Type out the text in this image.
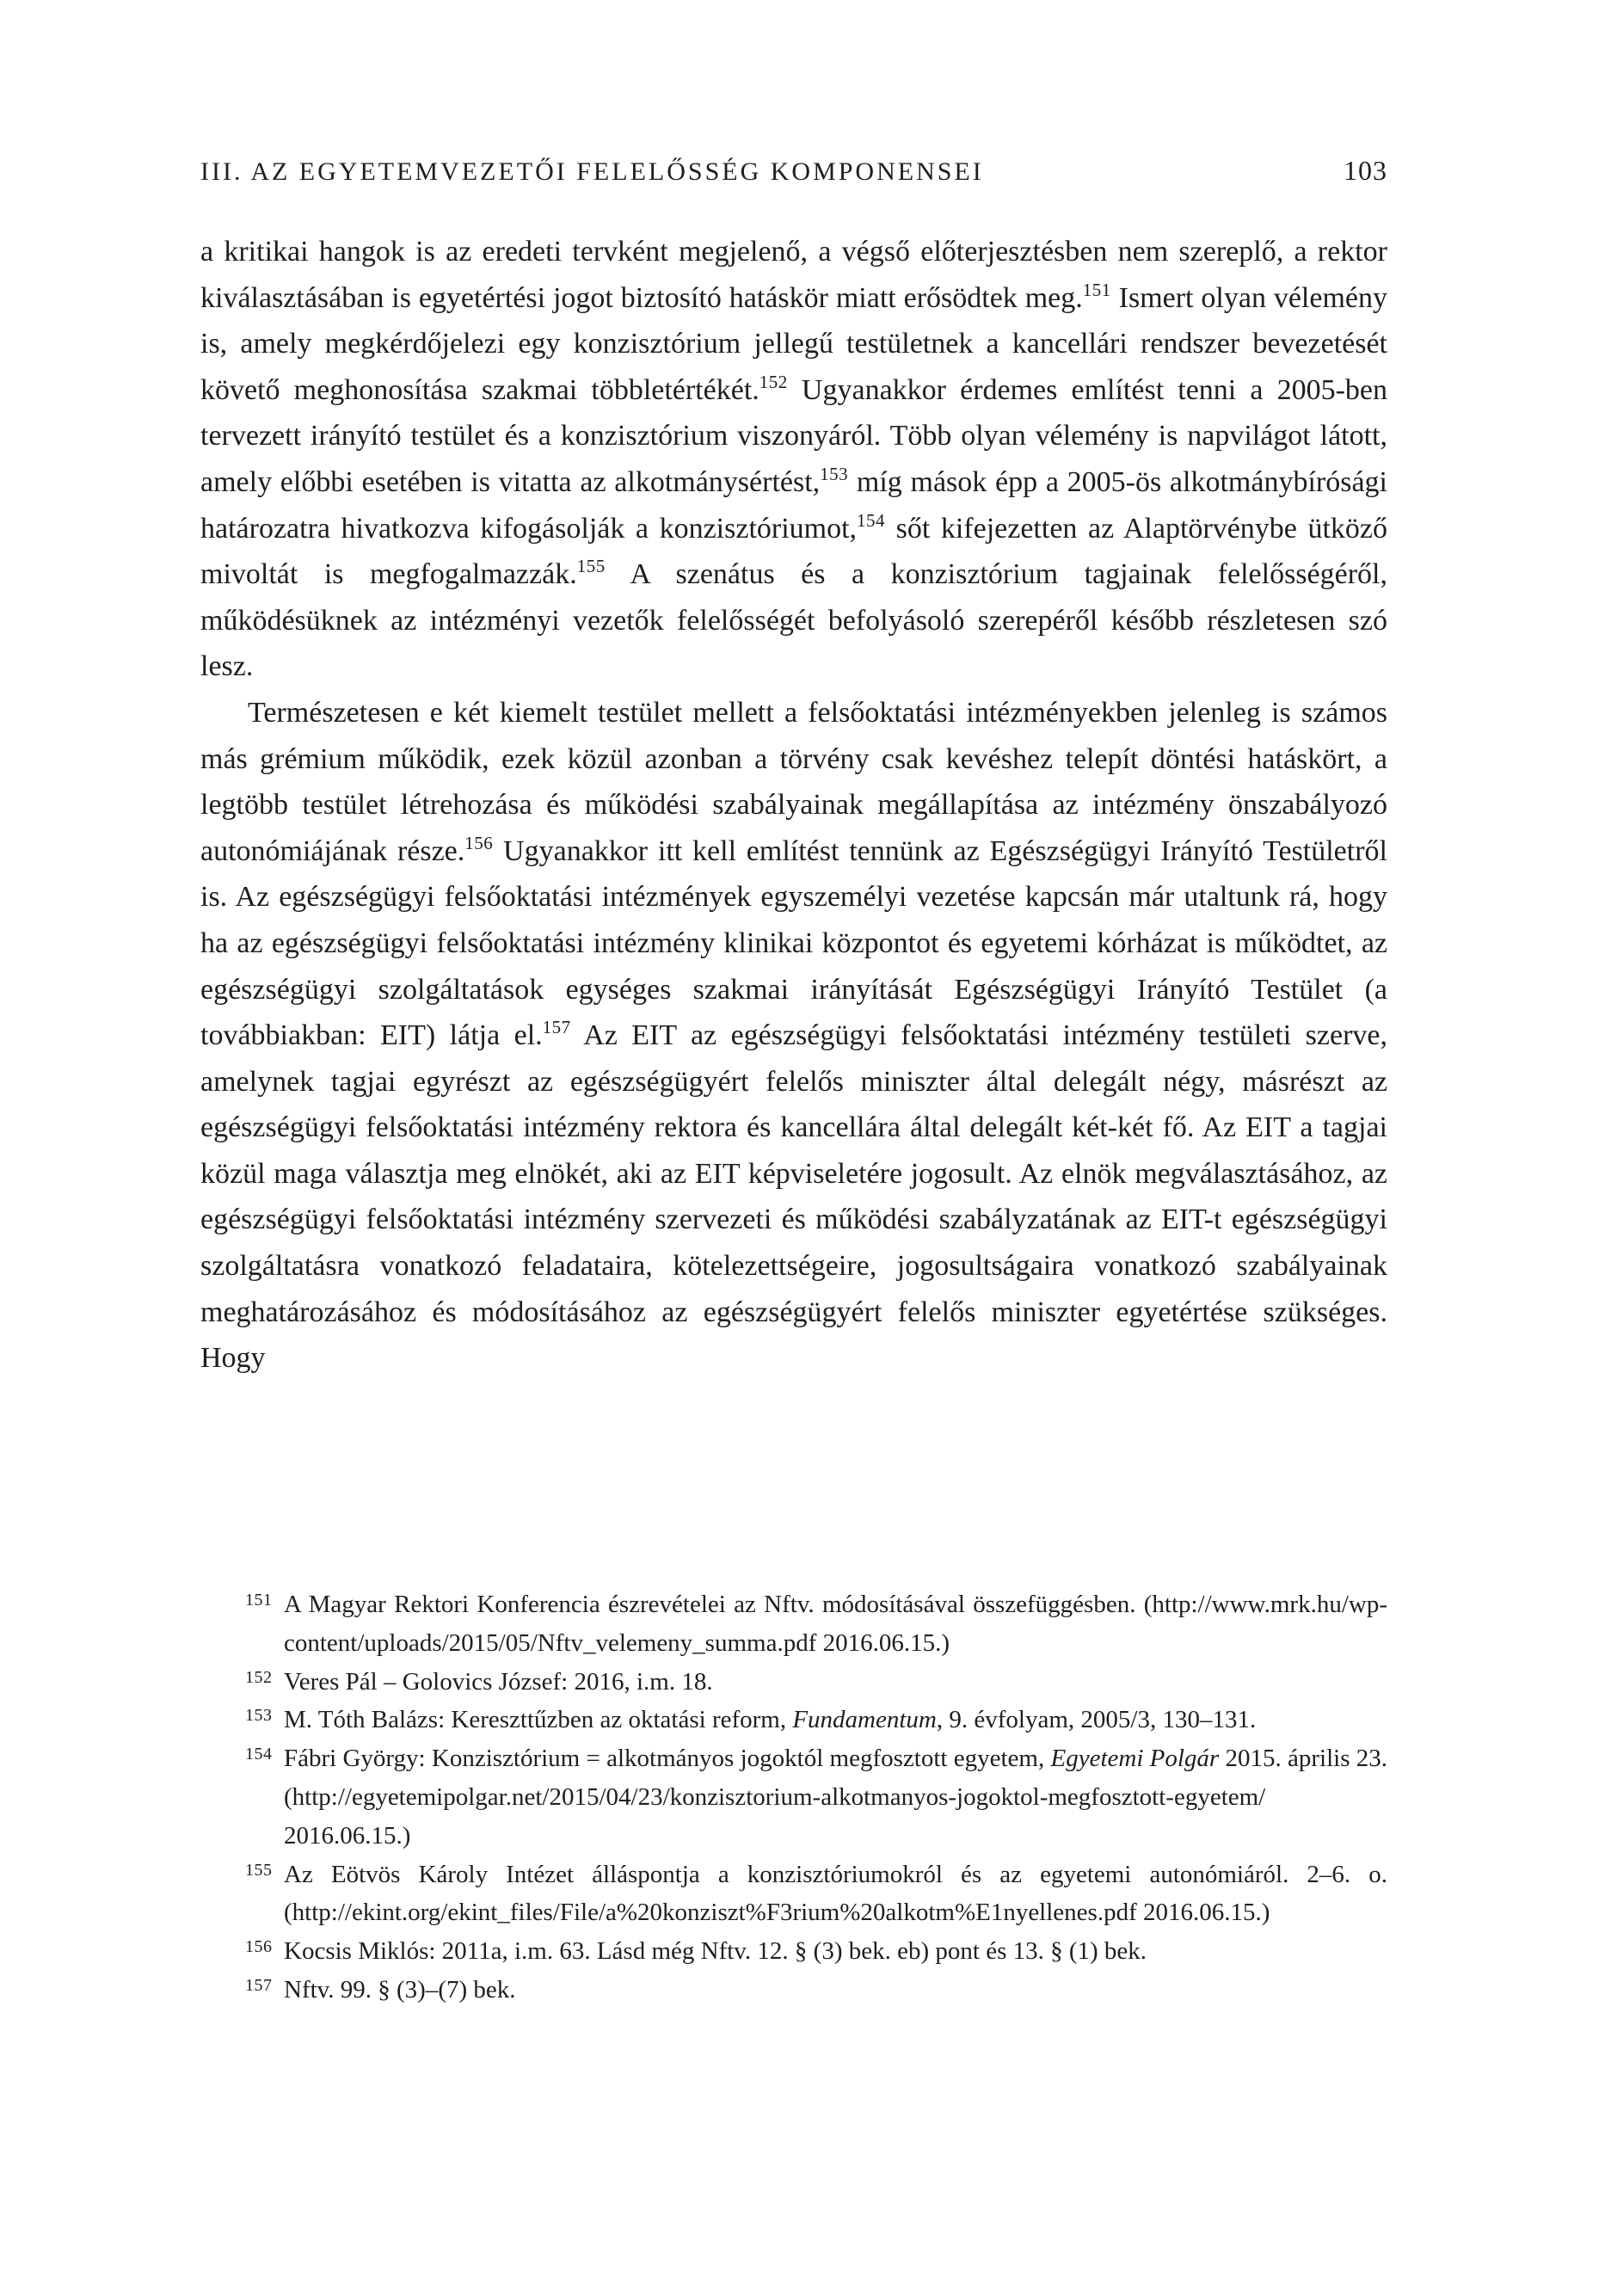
III. AZ EGYETEMVEZETŐI FELELŐSSÉG KOMPONENSEI	103

a kritikai hangok is az eredeti tervként megjelenő, a végső előterjesztésben nem szereplő, a rektor kiválasztásában is egyetértési jogot biztosító hatáskör miatt erősödtek meg.$^{151}$ Ismert olyan vélemény is, amely megkérdőjelezi egy konzisztórium jellegű testületnek a kancellári rendszer bevezetését követő meghonosítása szakmai többletértékét.$^{152}$ Ugyanakkor érdemes említést tenni a 2005-ben tervezett irányító testület és a konzisztórium viszonyáról. Több olyan vélemény is napvilágot látott, amely előbbi esetében is vitatta az alkotmánysértést,$^{153}$ míg mások épp a 2005-ös alkotmánybírósági határozatra hivatkozva kifogásolják a konzisztóriumot,$^{154}$ sőt kifejezetten az Alaptörvénybe ütköző mivoltát is megfogalmazzák.$^{155}$ A szenátus és a konzisztórium tagjainak felelősségéről, működésüknek az intézményi vezetők felelősségét befolyásoló szerepéről később részletesen szó lesz.

Természetesen e két kiemelt testület mellett a felsőoktatási intézményekben jelenleg is számos más grémium működik, ezek közül azonban a törvény csak kevéshez telepít döntési hatáskört, a legtöbb testület létrehozása és működési szabályainak megállapítása az intézmény önszabályozó autonómiájának része.$^{156}$ Ugyanakkor itt kell említést tennünk az Egészségügyi Irányító Testületről is. Az egészségügyi felsőoktatási intézmények egyszemélyi vezetése kapcsán már utaltunk rá, hogy ha az egészségügyi felsőoktatási intézmény klinikai központot és egyetemi kórházat is működtet, az egészségügyi szolgáltatások egységes szakmai irányítását Egészségügyi Irányító Testület (a továbbiakban: EIT) látja el.$^{157}$ Az EIT az egészségügyi felsőoktatási intézmény testületi szerve, amelynek tagjai egyrészt az egészségügyért felelős miniszter által delegált négy, másrészt az egészségügyi felsőoktatási intézmény rektora és kancellára által delegált két-két fő. Az EIT a tagjai közül maga választja meg elnökét, aki az EIT képviseletére jogosult. Az elnök megválasztásához, az egészségügyi felsőoktatási intézmény szervezeti és működési szabályzatának az EIT-t egészségügyi szolgáltatásra vonatkozó feladataira, kötelezettségeire, jogosultságaira vonatkozó szabályainak meghatározásához és módosításához az egészségügyért felelős miniszter egyetértése szükséges. Hogy

151 A Magyar Rektori Konferencia észrevételei az Nftv. módosításával összefüggésben. (http://www.mrk.hu/wp-content/uploads/2015/05/Nftv_velemeny_summa.pdf 2016.06.15.)
152 Veres Pál – Golovics József: 2016, i.m. 18.
153 M. Tóth Balázs: Kereszttűzben az oktatási reform, Fundamentum, 9. évfolyam, 2005/3, 130–131.
154 Fábri György: Konzisztórium = alkotmányos jogoktól megfosztott egyetem, Egyetemi Polgár 2015. április 23. (http://egyetemipolgar.net/2015/04/23/konzisztorium-alkotmanyos-jogoktol-megfosztott-egyetem/ 2016.06.15.)
155 Az Eötvös Károly Intézet álláspontja a konzisztóriumokról és az egyetemi autonómiáról. 2–6. o. (http://ekint.org/ekint_files/File/a%20konziszt%F3rium%20alkotm%E1nyellenes.pdf 2016.06.15.)
156 Kocsis Miklós: 2011a, i.m. 63. Lásd még Nftv. 12. § (3) bek. eb) pont és 13. § (1) bek.
157 Nftv. 99. § (3)–(7) bek.
